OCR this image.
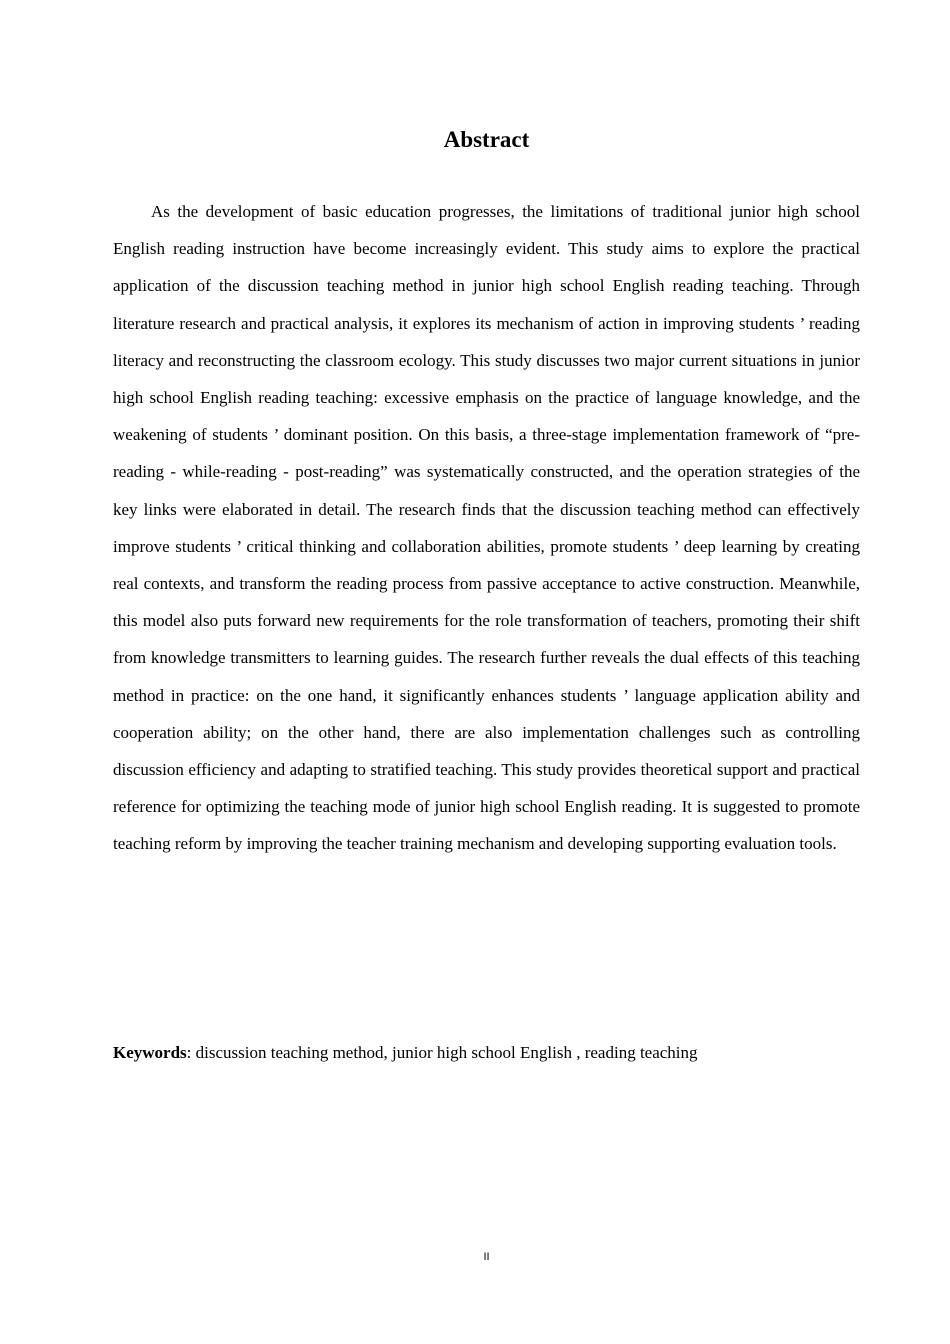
Abstract

As the development of basic education progresses, the limitations of traditional junior high school English reading instruction have become increasingly evident. This study aims to explore the practical application of the discussion teaching method in junior high school English reading teaching. Through literature research and practical analysis, it explores its mechanism of action in improving students ’ reading literacy and reconstructing the classroom ecology. This study discusses two major current situations in junior high school English reading teaching: excessive emphasis on the practice of language knowledge, and the weakening of students ’ dominant position. On this basis, a three-stage implementation framework of “pre-reading - while-reading - post-reading” was systematically constructed, and the operation strategies of the key links were elaborated in detail. The research finds that the discussion teaching method can effectively improve students ’ critical thinking and collaboration abilities, promote students ’ deep learning by creating real contexts, and transform the reading process from passive acceptance to active construction. Meanwhile, this model also puts forward new requirements for the role transformation of teachers, promoting their shift from knowledge transmitters to learning guides. The research further reveals the dual effects of this teaching method in practice: on the one hand, it significantly enhances students ’ language application ability and cooperation ability; on the other hand, there are also implementation challenges such as controlling discussion efficiency and adapting to stratified teaching. This study provides theoretical support and practical reference for optimizing the teaching mode of junior high school English reading. It is suggested to promote teaching reform by improving the teacher training mechanism and developing supporting evaluation tools.

Keywords: discussion teaching method, junior high school English , reading teaching

II
